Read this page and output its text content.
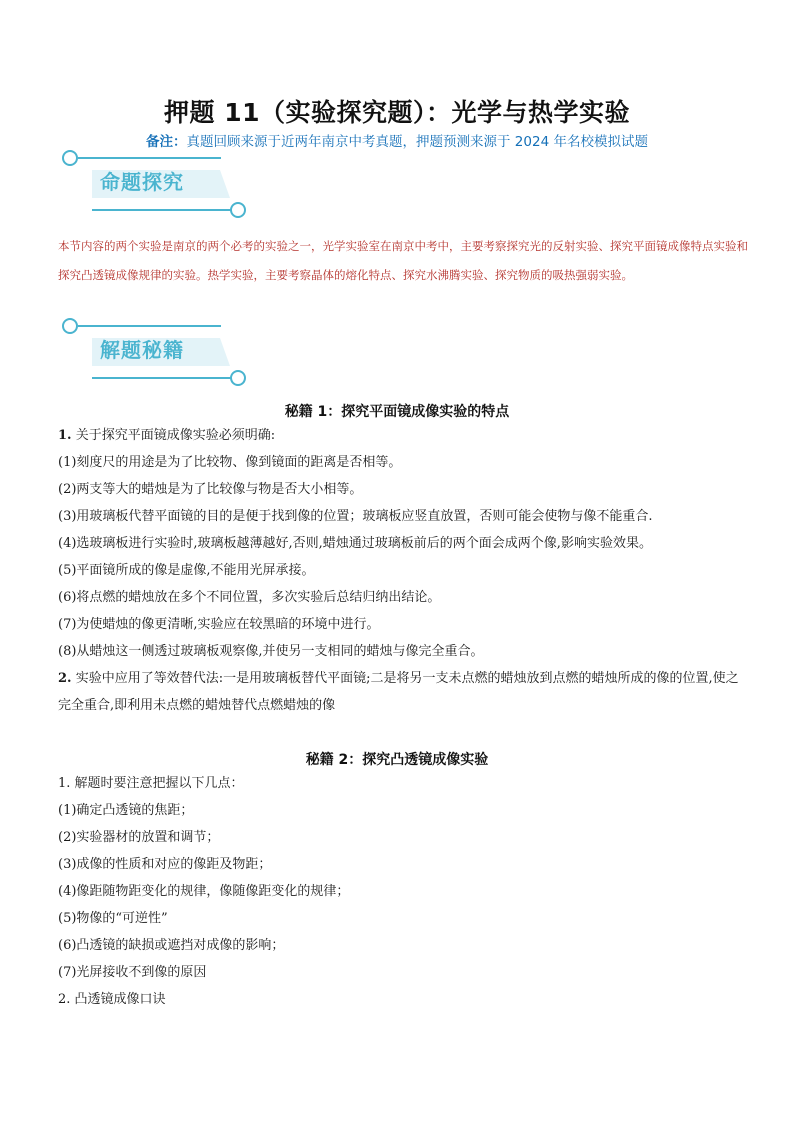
押题 11（实验探究题）：光学与热学实验
备注：真题回顾来源于近两年南京中考真题，押题预测来源于 2024 年名校模拟试题
命题探究
本节内容的两个实验是南京的两个必考的实验之一，光学实验室在南京中考中，主要考察探究光的反射实验、探究平面镜成像特点实验和探究凸透镜成像规律的实验。热学实验，主要考察晶体的熔化特点、探究水沸腾实验、探究物质的吸热强弱实验。
解题秘籍
秘籍 1：探究平面镜成像实验的特点
1. 关于探究平面镜成像实验必须明确:
(1)刻度尺的用途是为了比较物、像到镜面的距离是否相等。
(2)两支等大的蜡烛是为了比较像与物是否大小相等。
(3)用玻璃板代替平面镜的目的是便于找到像的位置；玻璃板应竖直放置，否则可能会使物与像不能重合.
(4)选玻璃板进行实验时,玻璃板越薄越好,否则,蜡烛通过玻璃板前后的两个面会成两个像,影响实验效果。
(5)平面镜所成的像是虚像,不能用光屏承接。
(6)将点燃的蜡烛放在多个不同位置，多次实验后总结归纳出结论。
(7)为使蜡烛的像更清晰,实验应在较黑暗的环境中进行。
(8)从蜡烛这一侧透过玻璃板观察像,并使另一支相同的蜡烛与像完全重合。
2. 实验中应用了等效替代法:一是用玻璃板替代平面镜;二是将另一支未点燃的蜡烛放到点燃的蜡烛所成的像的位置,使之完全重合,即利用未点燃的蜡烛替代点燃蜡烛的像
秘籍 2：探究凸透镜成像实验
1. 解题时要注意把握以下几点：
(1)确定凸透镜的焦距；
(2)实验器材的放置和调节；
(3)成像的性质和对应的像距及物距；
(4)像距随物距变化的规律，像随像距变化的规律；
(5)物像的“可逆性”
(6)凸透镜的缺损或遮挡对成像的影响；
(7)光屏接收不到像的原因
2. 凸透镜成像口诀
